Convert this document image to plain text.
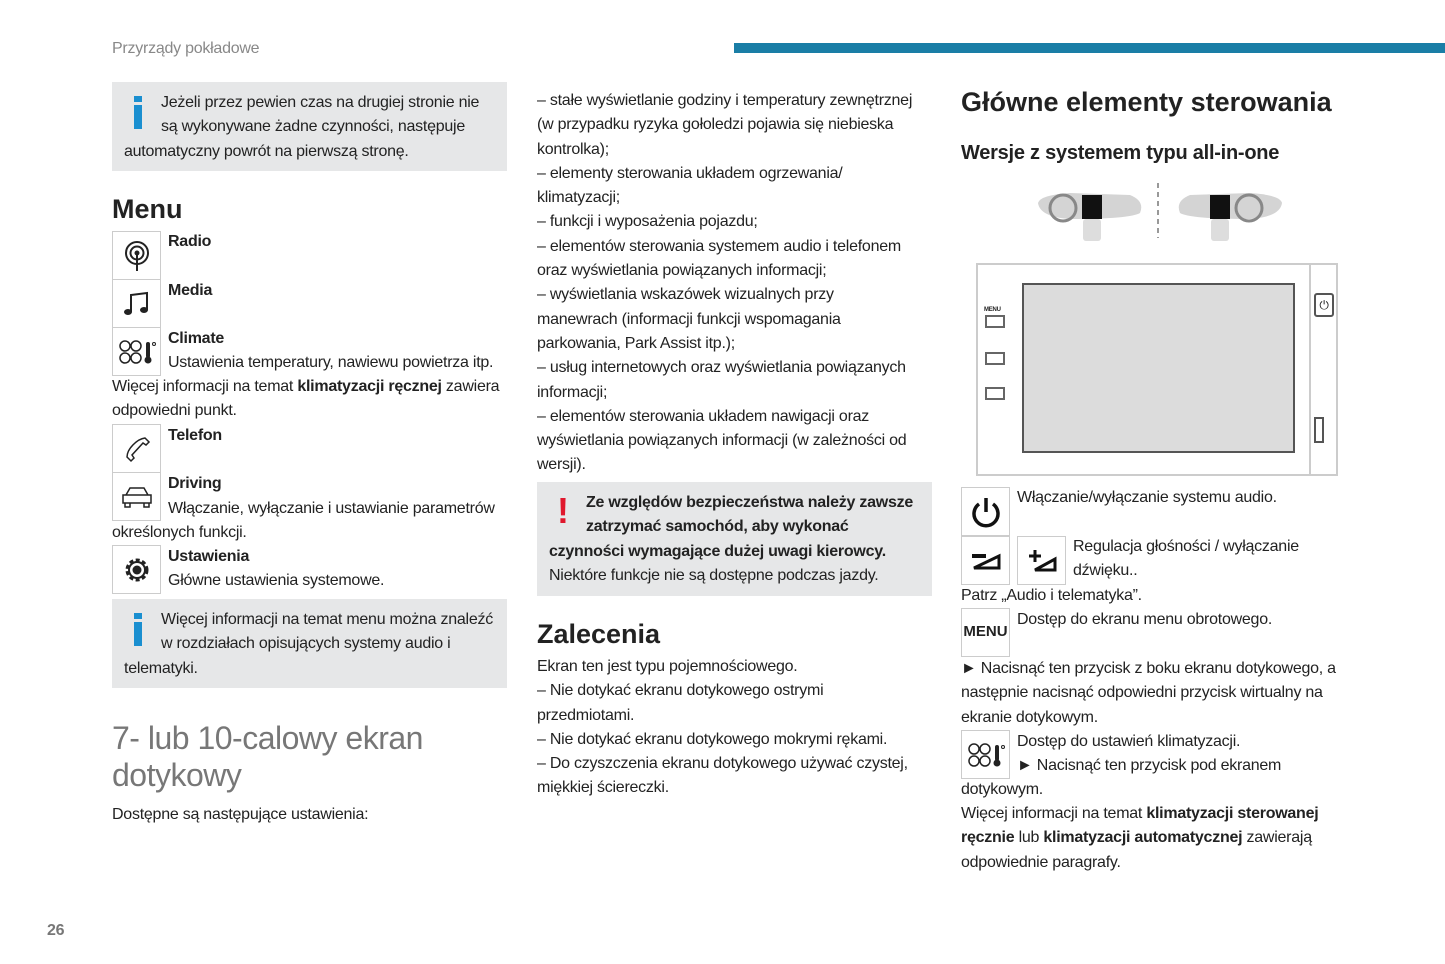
Przyrządy pokładowe
Jeżeli przez pewien czas na drugiej stronie nie są wykonywane żadne czynności, następuje automatyczny powrót na pierwszą stronę.
Menu
Radio
Media
Climate
Ustawienia temperatury, nawiewu powietrza itp.
Więcej informacji na temat klimatyzacji ręcznej zawiera odpowiedni punkt.
Telefon
Driving
Włączanie, wyłączanie i ustawianie parametrów określonych funkcji.
Ustawienia
Główne ustawienia systemowe.
Więcej informacji na temat menu można znaleźć w rozdziałach opisujących systemy audio i telematyki.
7- lub 10-calowy ekran dotykowy
Dostępne są następujące ustawienia:

– stałe wyświetlanie godziny i temperatury zewnętrznej (w przypadku ryzyka gołoledzi pojawia się niebieska kontrolka);

– elementy sterowania układem ogrzewania/ klimatyzacji;

– funkcji i wyposażenia pojazdu;

– elementów sterowania systemem audio i telefonem oraz wyświetlania powiązanych informacji;

– wyświetlania wskazówek wizualnych przy manewrach (informacji funkcji wspomagania parkowania, Park Assist itp.);

– usług internetowych oraz wyświetlania powiązanych informacji;

– elementów sterowania układem nawigacji oraz wyświetlania powiązanych informacji (w zależności od wersji).

!	Ze względów bezpieczeństwa należy zawsze zatrzymać samochód, aby wykonać czynności wymagające dużej uwagi kierowcy.
Niektóre funkcje nie są dostępne podczas jazdy.
Zalecenia

Ekran ten jest typu pojemnościowego.

– Nie dotykać ekranu dotykowego ostrymi przedmiotami.

– Nie dotykać ekranu dotykowego mokrymi rękami.

– Do czyszczenia ekranu dotykowego używać czystej, miękkiej ściereczki.

Główne elementy sterowania
Wersje z systemem typu all-in-one
MENU	⏻
Włączanie/wyłączanie systemu audio.
Regulacja głośności / wyłączanie dźwięku..
Patrz „Audio i telematyka”.
MENU
Dostęp do ekranu menu obrotowego.
► Nacisnąć ten przycisk z boku ekranu dotykowego, a następnie nacisnąć odpowiedni przycisk wirtualny na ekranie dotykowym.
Dostęp do ustawień klimatyzacji.
► Nacisnąć ten przycisk pod ekranem dotykowym.
Więcej informacji na temat klimatyzacji sterowanej ręcznie lub klimatyzacji automatycznej zawierają odpowiednie paragrafy.
26
